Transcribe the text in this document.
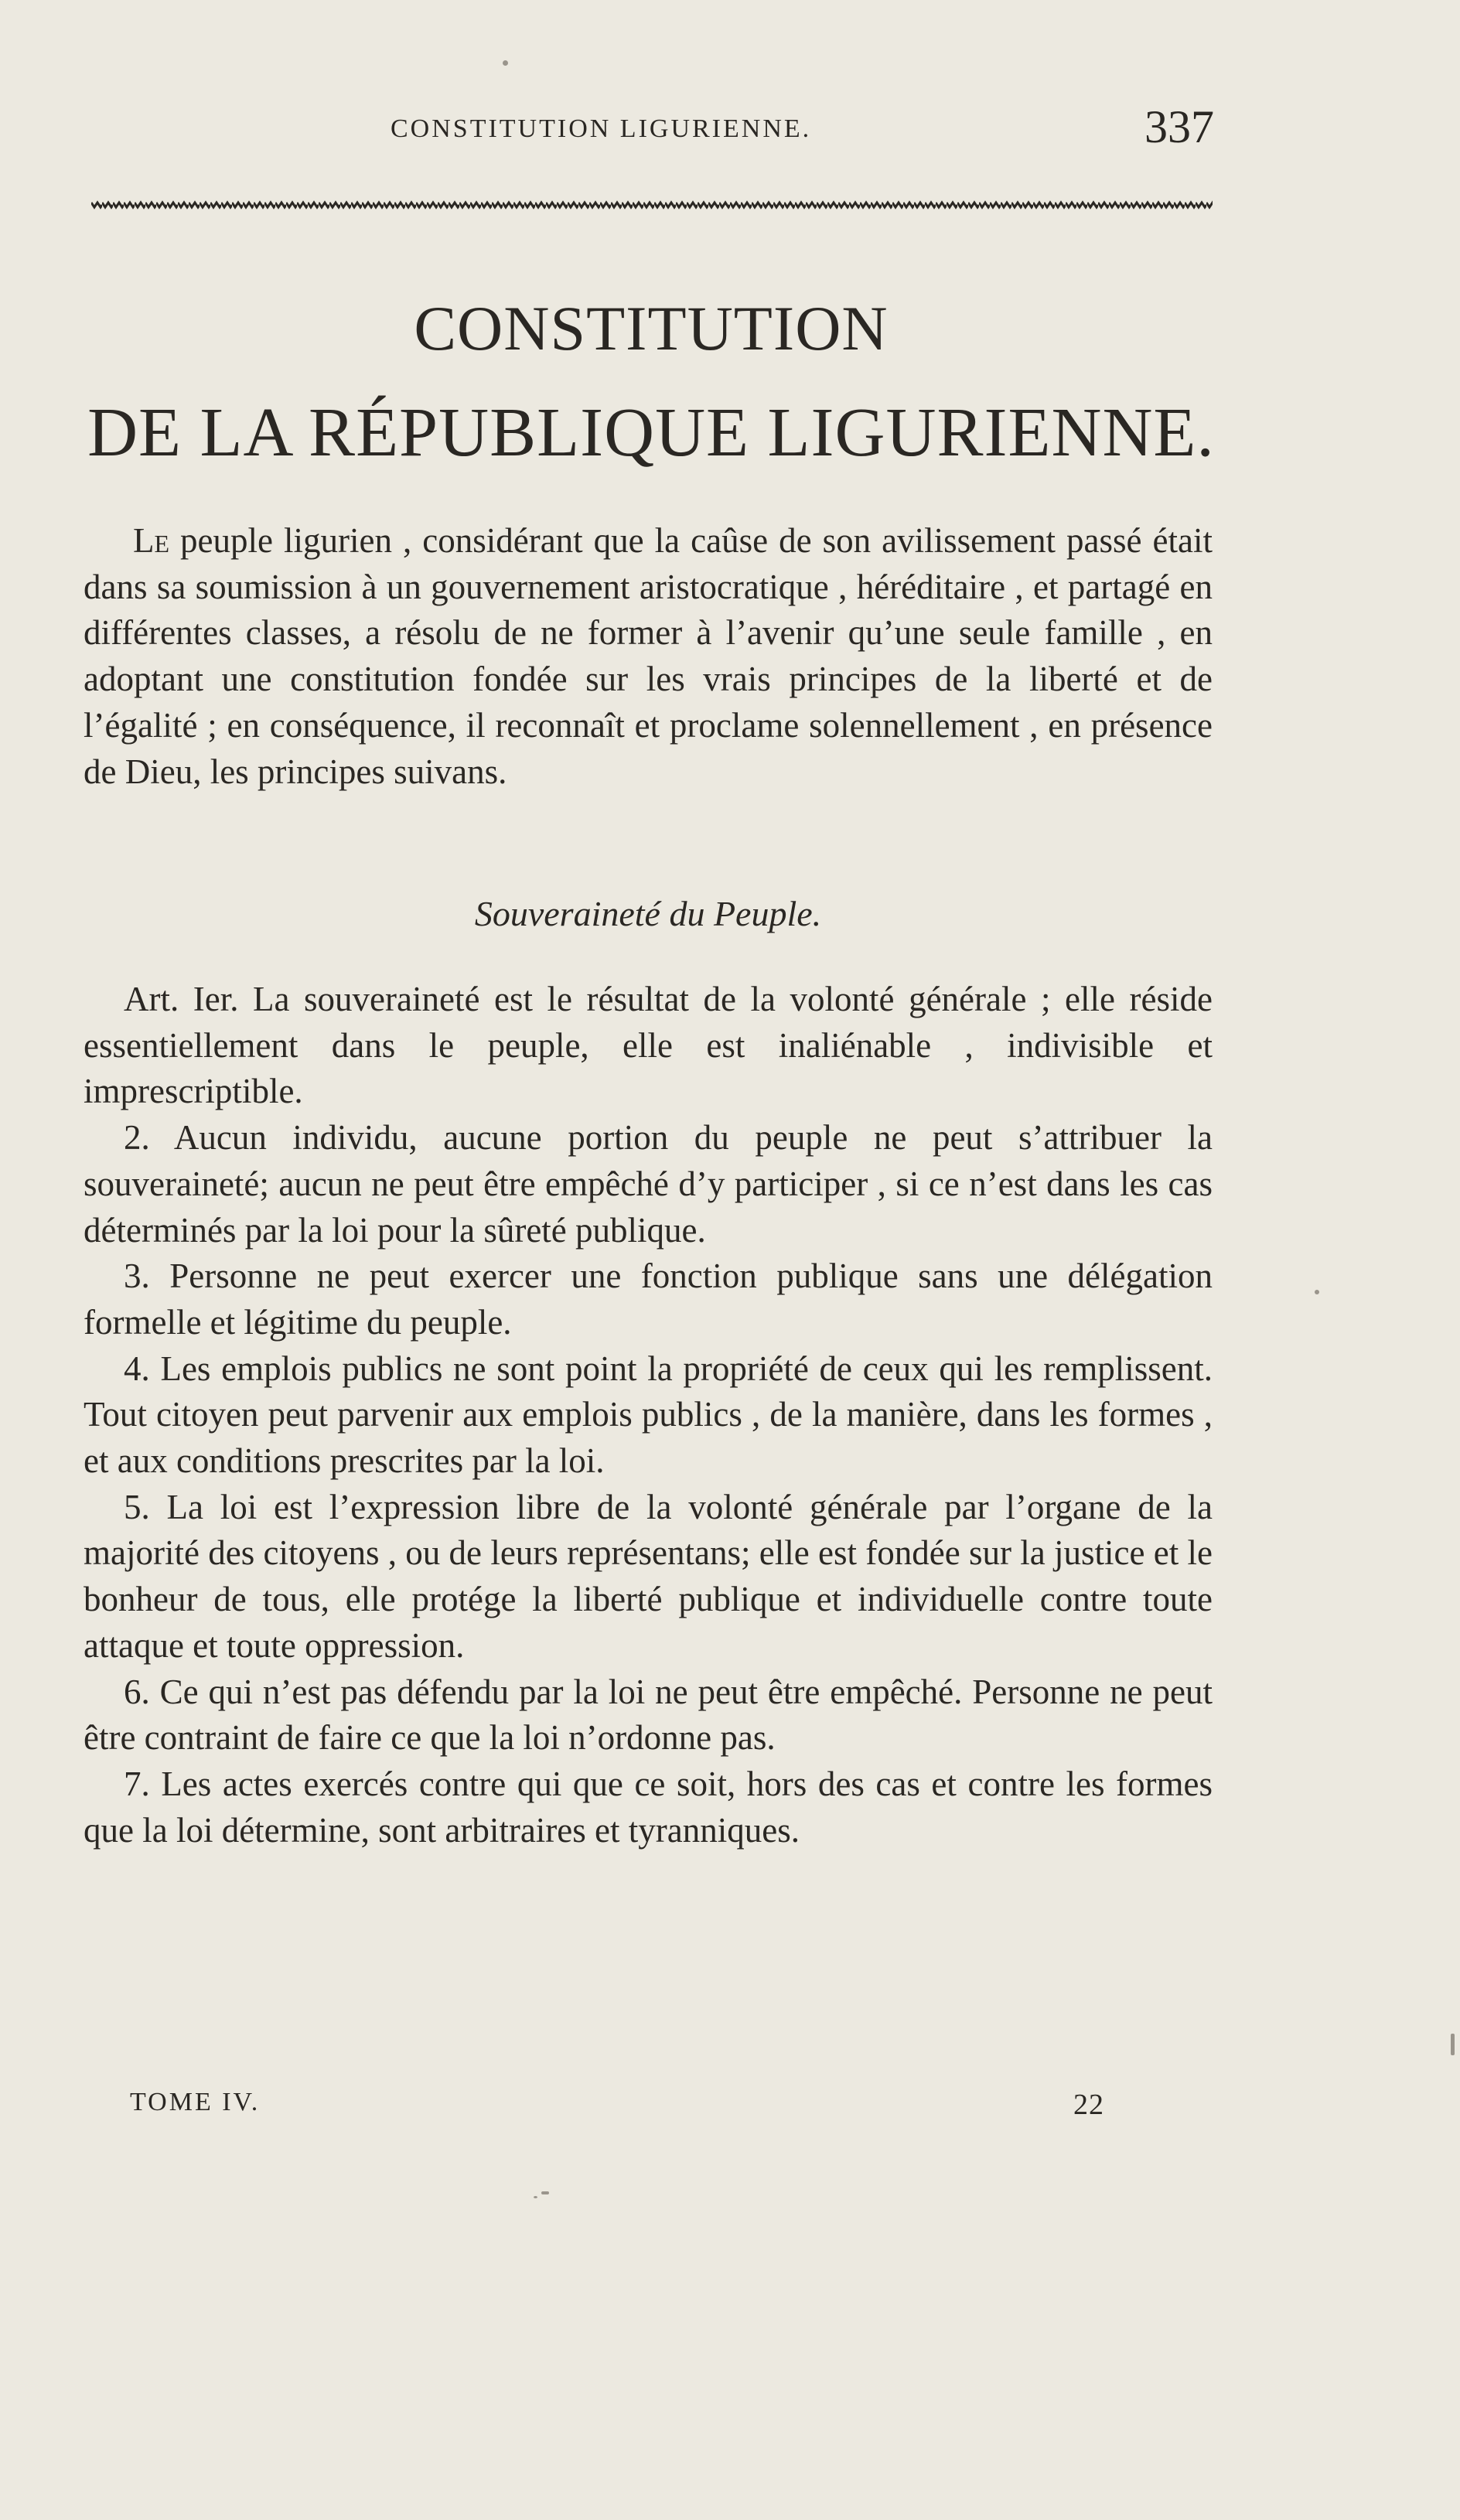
CONSTITUTION LIGURIENNE.	337
CONSTITUTION
DE LA RÉPUBLIQUE LIGURIENNE.

Le peuple ligurien , considérant que la caûse de son avilissement passé était dans sa soumission à un gouvernement aristocratique , héréditaire , et partagé en différentes classes, a résolu de ne former à l’avenir qu’une seule famille , en adoptant une constitution fondée sur les vrais principes de la liberté et de l’égalité ; en conséquence, il reconnaît et proclame solennellement , en présence de Dieu, les principes suivans.

Souveraineté du Peuple.

Art. Ier. La souveraineté est le résultat de la volonté générale ; elle réside essentiellement dans le peuple, elle est inaliénable , indivisible et imprescriptible.

2. Aucun individu, aucune portion du peuple ne peut s’attribuer la souveraineté; aucun ne peut être empêché d’y participer , si ce n’est dans les cas déterminés par la loi pour la sûreté publique.

3. Personne ne peut exercer une fonction publique sans une délégation formelle et légitime du peuple.

4. Les emplois publics ne sont point la propriété de ceux qui les remplissent. Tout citoyen peut parvenir aux emplois publics , de la manière, dans les formes , et aux conditions prescrites par la loi.

5. La loi est l’expression libre de la volonté générale par l’organe de la majorité des citoyens , ou de leurs représentans; elle est fondée sur la justice et le bonheur de tous, elle protége la liberté publique et individuelle contre toute attaque et toute oppression.

6. Ce qui n’est pas défendu par la loi ne peut être empêché. Personne ne peut être contraint de faire ce que la loi n’ordonne pas.

7. Les actes exercés contre qui que ce soit, hors des cas et contre les formes que la loi détermine, sont arbitraires et tyranniques.

TOME IV.	22
